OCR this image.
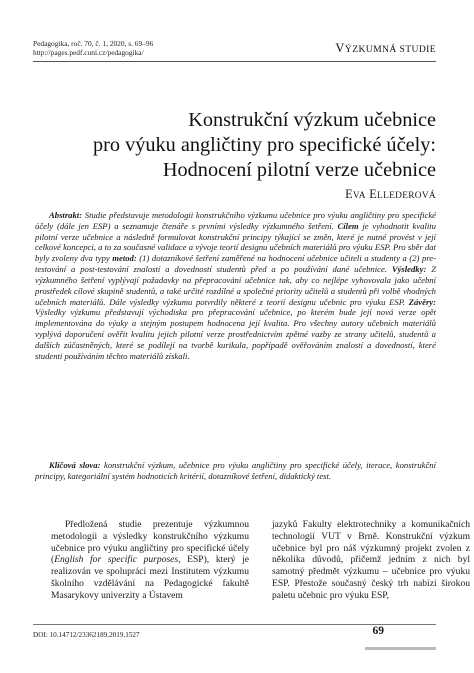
Pedagogika, roč. 70, č. 1, 2020, s. 69–96
http://pages.pedf.cuni.cz/pedagogika/	VÝZKUMNÁ STUDIE
Konstrukční výzkum učebnice
pro výuku angličtiny pro specifické účely:
Hodnocení pilotní verze učebnice
EVA ELLEDEROVÁ

Abstrakt: Studie představuje metodologii konstrukčního výzkumu učebnice pro výuku angličtiny pro specifické účely (dále jen ESP) a seznamuje čtenáře s prvními výsledky výzkumného šetření. Cílem je vyhodnotit kvalitu pilotní verze učebnice a následně formulovat konstrukční principy týkající se změn, které je nutné provést v její celkové koncepci, a to za současné validace a vývoje teorií designu učebních materiálů pro výuku ESP. Pro sběr dat byly zvoleny dva typy metod: (1) dotazníkové šetření zaměřené na hodnocení učebnice učiteli a studenty a (2) pre-testování a post-testování znalostí a dovedností studentů před a po používání dané učebnice. Výsledky: Z výzkumného šetření vyplývají požadavky na přepracování učebnice tak, aby co nejlépe vyhovovala jako učební prostředek cílové skupině studentů, a také určité rozdílné a společné priority učitelů a studentů při volbě vhodných učebních materiálů. Dále výsledky výzkumu potvrdily některé z teorií designu učebnic pro výuku ESP. Závěry: Výsledky výzkumu představují východiska pro přepracování učebnice, po kterém bude její nová verze opět implementována do výuky a stejným postupem hodnocena její kvalita. Pro všechny autory učebních materiálů vyplývá doporučení ověřit kvalitu jejich pilotní verze prostřednictvím zpětné vazby ze strany učitelů, studentů a dalších zúčastněných, které se podílejí na tvorbě kurikula, popřípadě ověřováním znalostí a dovedností, které studenti používáním těchto materiálů získali.

Klíčová slova: konstrukční výzkum, učebnice pro výuku angličtiny pro specifické účely, iterace, konstrukční principy, kategoriální systém hodnoticích kritérií, dotazníkové šetření, didaktický test.

Předložená studie prezentuje výzkumnou metodologii a výsledky konstrukčního výzkumu učebnice pro výuku angličtiny pro specifické účely (English for specific purposes, ESP), který je realizován ve spolupráci mezi Institutem výzkumu školního vzdělávání na Pedagogické fakultě Masarykovy univerzity a Ústavem

jazyků Fakulty elektrotechniky a komunikačních technologií VUT v Brně. Konstrukční výzkum učebnice byl pro náš výzkumný projekt zvolen z několika důvodů, přičemž jedním z nich byl samotný předmět výzkumu – učebnice pro výuku ESP. Přestože současný český trh nabízí širokou paletu učebnic pro výuku ESP,

DOI: 10.14712/23362189.2019.1527	69
